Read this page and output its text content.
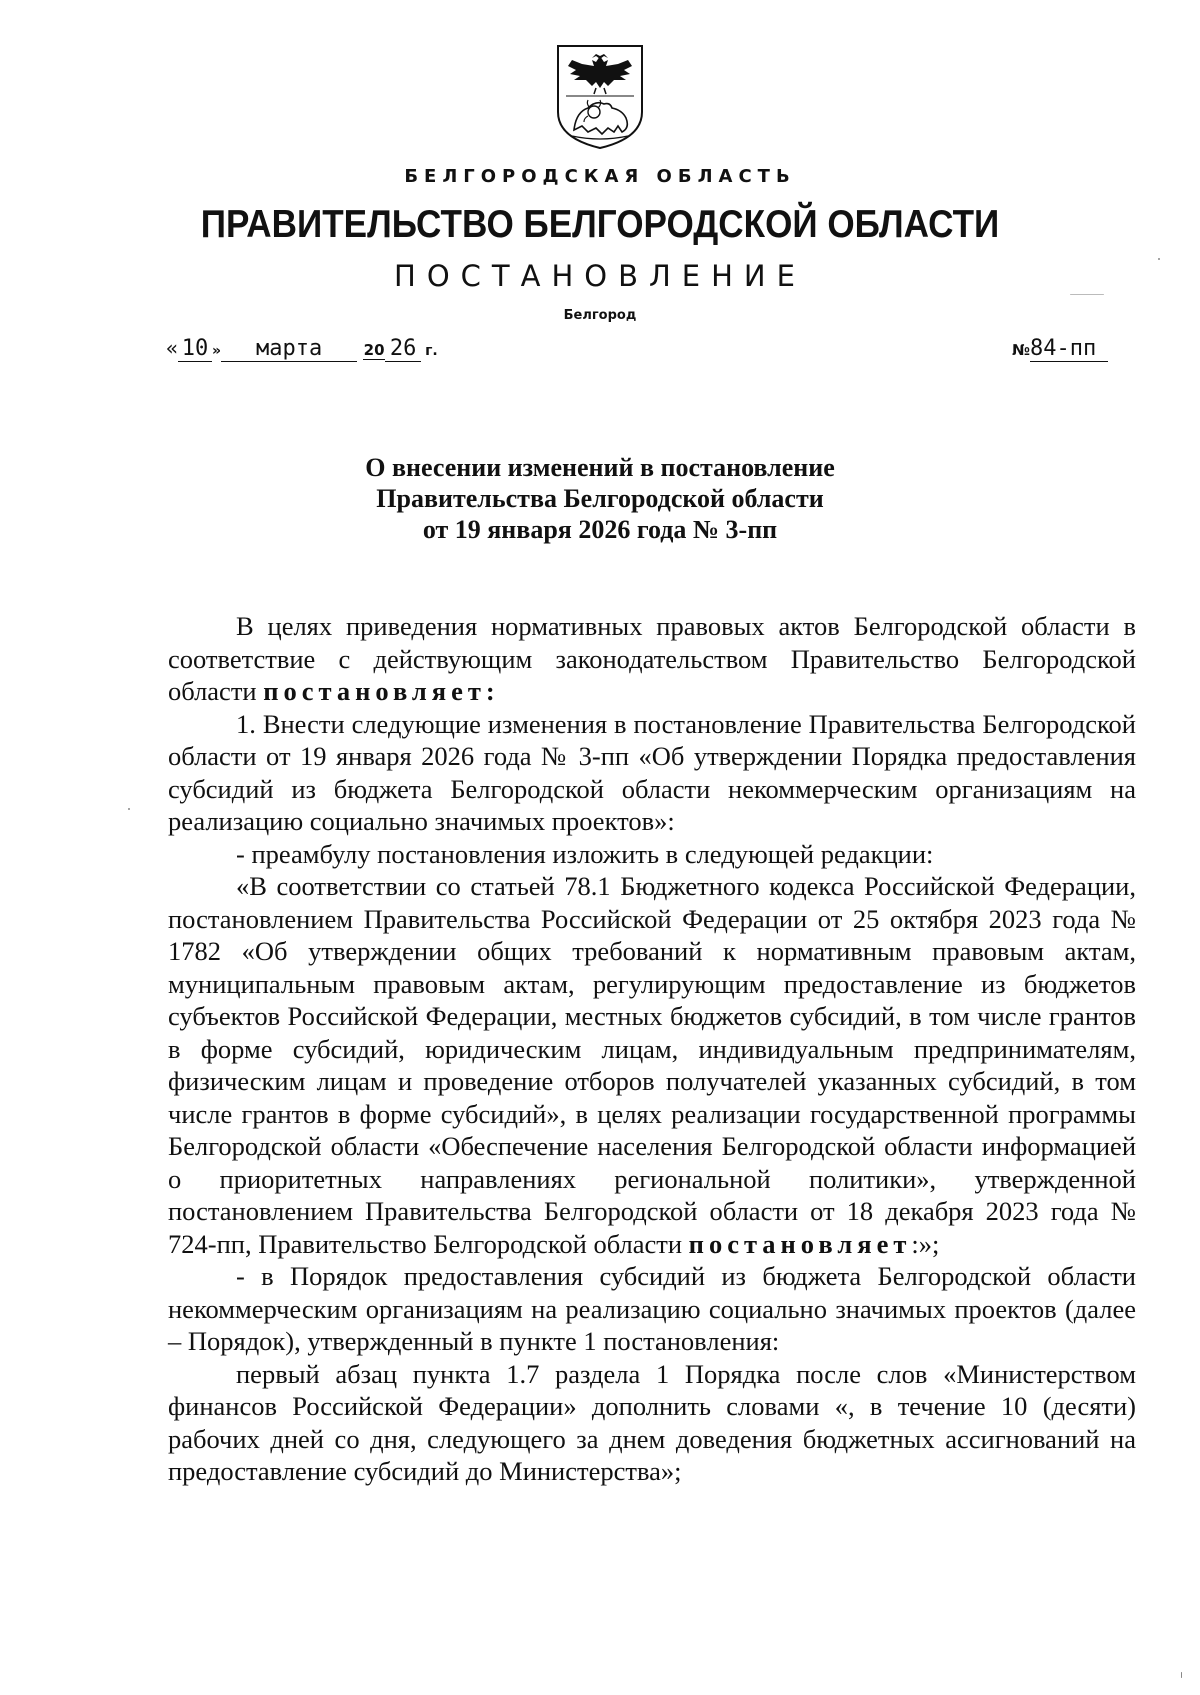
БЕЛГОРОДСКАЯ ОБЛАСТЬ
ПРАВИТЕЛЬСТВО БЕЛГОРОДСКОЙ ОБЛАСТИ
ПОСТАНОВЛЕНИЕ
Белгород
« 10 » марта	20 26 г.	№84-пп
О внесении изменений в постановление
Правительства Белгородской области
от 19 января 2026 года № 3-пп

В целях приведения нормативных правовых актов Белгородской области в соответствие с действующим законодательством Правительство Белгородской области постановляет:

1. Внести следующие изменения в постановление Правительства Белгородской области от 19 января 2026 года № 3-пп «Об утверждении Порядка предоставления субсидий из бюджета Белгородской области некоммерческим организациям на реализацию социально значимых проектов»:

- преамбулу постановления изложить в следующей редакции:

«В соответствии со статьей 78.1 Бюджетного кодекса Российской Федерации, постановлением Правительства Российской Федерации от 25 октября 2023 года № 1782 «Об утверждении общих требований к нормативным правовым актам, муниципальным правовым актам, регулирующим предоставление из бюджетов субъектов Российской Федерации, местных бюджетов субсидий, в том числе грантов в форме субсидий, юридическим лицам, индивидуальным предпринимателям, физическим лицам и проведение отборов получателей указанных субсидий, в том числе грантов в форме субсидий», в целях реализации государственной программы Белгородской области «Обеспечение населения Белгородской области информацией о приоритетных направлениях региональной политики», утвержденной постановлением Правительства Белгородской области от 18 декабря 2023 года № 724-пп, Правительство Белгородской области постановляет:»;

- в Порядок предоставления субсидий из бюджета Белгородской области некоммерческим организациям на реализацию социально значимых проектов (далее – Порядок), утвержденный в пункте 1 постановления:

первый абзац пункта 1.7 раздела 1 Порядка после слов «Министерством финансов Российской Федерации» дополнить словами «, в течение 10 (десяти) рабочих дней со дня, следующего за днем доведения бюджетных ассигнований на предоставление субсидий до Министерства»;
